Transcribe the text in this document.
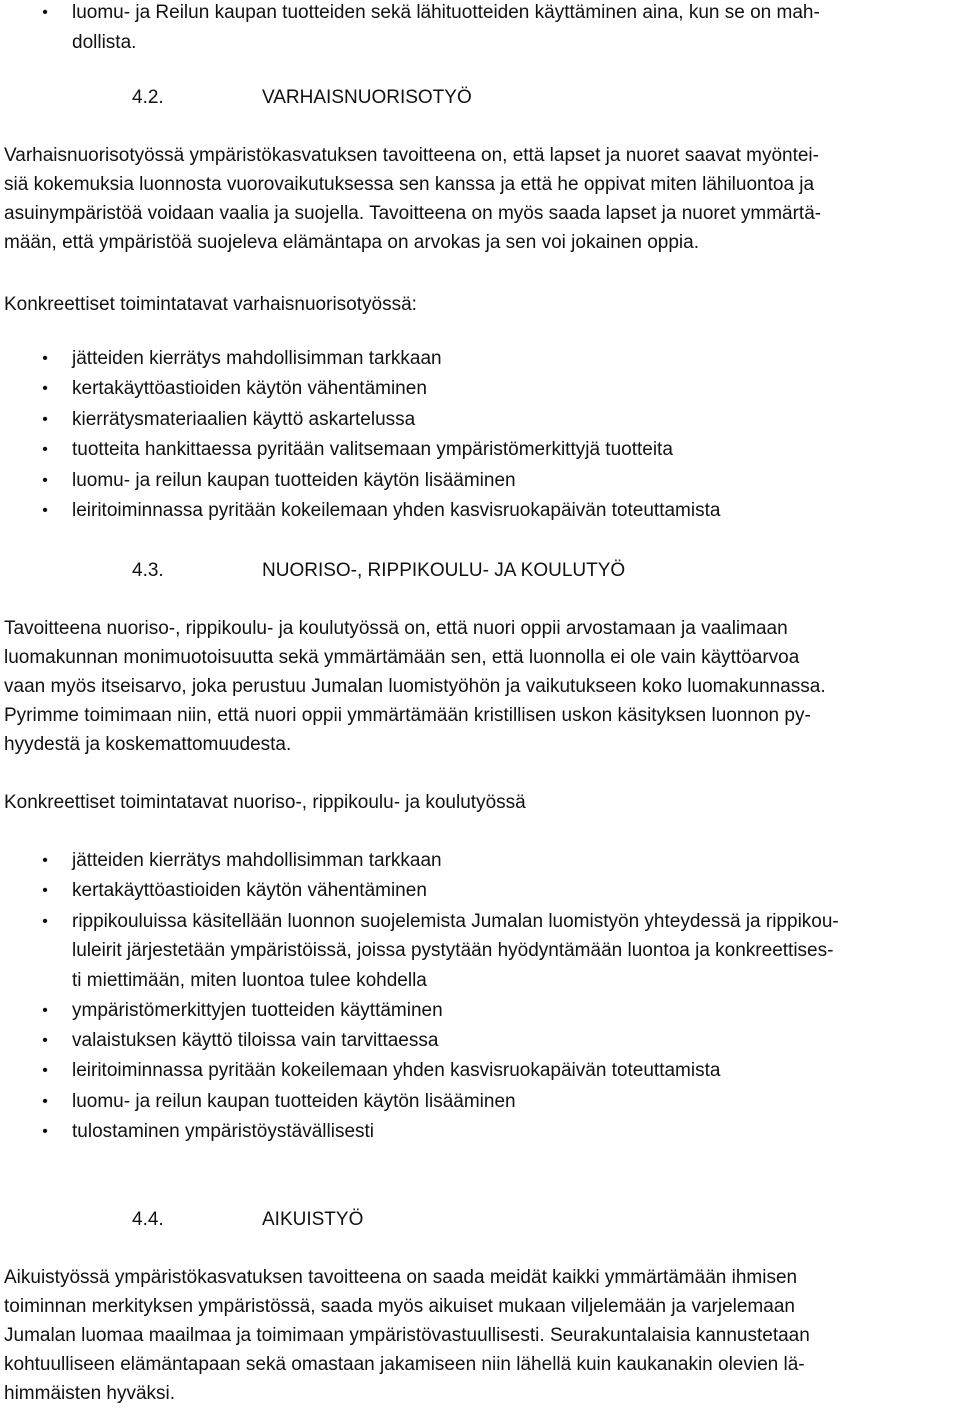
• luomu- ja Reilun kaupan tuotteiden sekä lähituotteiden käyttäminen aina, kun se on mah-
dollista.
4.2.	VARHAISNUORISOTYÖ
Varhaisnuorisotyössä ympäristökasvatuksen tavoitteena on, että lapset ja nuoret saavat myöntei-
siä kokemuksia luonnosta vuorovaikutuksessa sen kanssa ja että he oppivat miten lähiluontoa ja
asuinympäristöä voidaan vaalia ja suojella. Tavoitteena on myös saada lapset ja nuoret ymmärtä-
mään, että ympäristöä suojeleva elämäntapa on arvokas ja sen voi jokainen oppia.
Konkreettiset toimintatavat varhaisnuorisotyössä:
• jätteiden kierrätys mahdollisimman tarkkaan
• kertakäyttöastioiden käytön vähentäminen
• kierrätysmateriaalien käyttö askartelussa
• tuotteita hankittaessa pyritään valitsemaan ympäristömerkittyjä tuotteita
• luomu- ja reilun kaupan tuotteiden käytön lisääminen
• leiritoiminnassa pyritään kokeilemaan yhden kasvisruokapäivän toteuttamista
4.3.	NUORISO-, RIPPIKOULU- JA KOULUTYÖ
Tavoitteena nuoriso-, rippikoulu- ja koulutyössä on, että nuori oppii arvostamaan ja vaalimaan
luomakunnan monimuotoisuutta sekä ymmärtämään sen, että luonnolla ei ole vain käyttöarvoa
vaan myös itseisarvo, joka perustuu Jumalan luomistyöhön ja vaikutukseen koko luomakunnassa.
Pyrimme toimimaan niin, että nuori oppii ymmärtämään kristillisen uskon käsityksen luonnon py-
hyydestä ja koskemattomuudesta.
Konkreettiset toimintatavat nuoriso-, rippikoulu- ja koulutyössä
• jätteiden kierrätys mahdollisimman tarkkaan
• kertakäyttöastioiden käytön vähentäminen
• rippikouluissa käsitellään luonnon suojelemista Jumalan luomistyön yhteydessä ja rippikou-
luleirit järjestetään ympäristöissä, joissa pystytään hyödyntämään luontoa ja konkreettises-
ti miettimään, miten luontoa tulee kohdella
• ympäristömerkittyjen tuotteiden käyttäminen
• valaistuksen käyttö tiloissa vain tarvittaessa
• leiritoiminnassa pyritään kokeilemaan yhden kasvisruokapäivän toteuttamista
• luomu- ja reilun kaupan tuotteiden käytön lisääminen
• tulostaminen ympäristöystävällisesti
4.4.	AIKUISTYÖ
Aikuistyössä ympäristökasvatuksen tavoitteena on saada meidät kaikki ymmärtämään ihmisen
toiminnan merkityksen ympäristössä, saada myös aikuiset mukaan viljelemään ja varjelemaan
Jumalan luomaa maailmaa ja toimimaan ympäristövastuullisesti. Seurakuntalaisia kannustetaan
kohtuulliseen elämäntapaan sekä omastaan jakamiseen niin lähellä kuin kaukanakin olevien lä-
himmäisten hyväksi.
